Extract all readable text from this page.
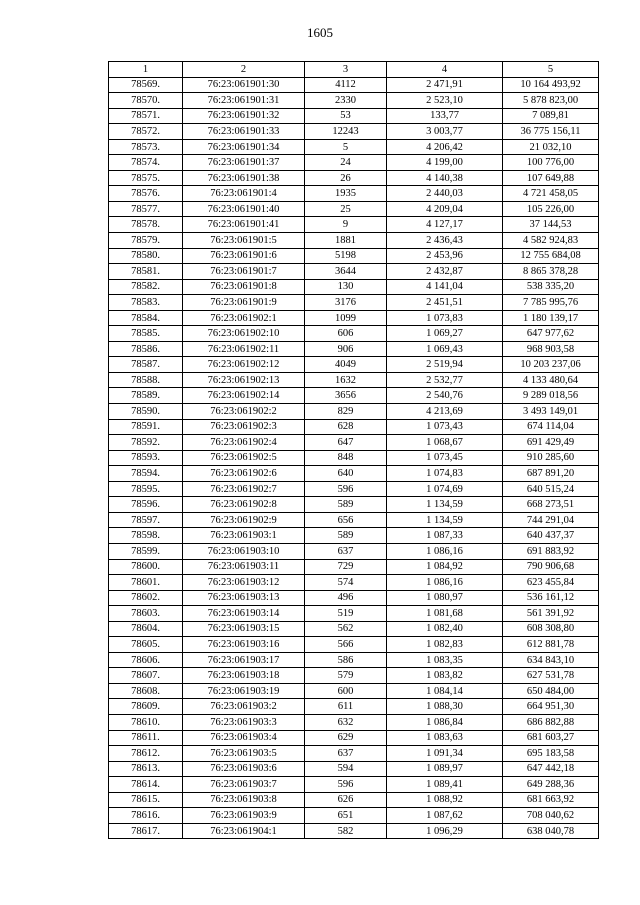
1605
1	2	3	4	5
78569.	76:23:061901:30	4112	2 471,91	10 164 493,92
78570.	76:23:061901:31	2330	2 523,10	5 878 823,00
78571.	76:23:061901:32	53	133,77	7 089,81
78572.	76:23:061901:33	12243	3 003,77	36 775 156,11
78573.	76:23:061901:34	5	4 206,42	21 032,10
78574.	76:23:061901:37	24	4 199,00	100 776,00
78575.	76:23:061901:38	26	4 140,38	107 649,88
78576.	76:23:061901:4	1935	2 440,03	4 721 458,05
78577.	76:23:061901:40	25	4 209,04	105 226,00
78578.	76:23:061901:41	9	4 127,17	37 144,53
78579.	76:23:061901:5	1881	2 436,43	4 582 924,83
78580.	76:23:061901:6	5198	2 453,96	12 755 684,08
78581.	76:23:061901:7	3644	2 432,87	8 865 378,28
78582.	76:23:061901:8	130	4 141,04	538 335,20
78583.	76:23:061901:9	3176	2 451,51	7 785 995,76
78584.	76:23:061902:1	1099	1 073,83	1 180 139,17
78585.	76:23:061902:10	606	1 069,27	647 977,62
78586.	76:23:061902:11	906	1 069,43	968 903,58
78587.	76:23:061902:12	4049	2 519,94	10 203 237,06
78588.	76:23:061902:13	1632	2 532,77	4 133 480,64
78589.	76:23:061902:14	3656	2 540,76	9 289 018,56
78590.	76:23:061902:2	829	4 213,69	3 493 149,01
78591.	76:23:061902:3	628	1 073,43	674 114,04
78592.	76:23:061902:4	647	1 068,67	691 429,49
78593.	76:23:061902:5	848	1 073,45	910 285,60
78594.	76:23:061902:6	640	1 074,83	687 891,20
78595.	76:23:061902:7	596	1 074,69	640 515,24
78596.	76:23:061902:8	589	1 134,59	668 273,51
78597.	76:23:061902:9	656	1 134,59	744 291,04
78598.	76:23:061903:1	589	1 087,33	640 437,37
78599.	76:23:061903:10	637	1 086,16	691 883,92
78600.	76:23:061903:11	729	1 084,92	790 906,68
78601.	76:23:061903:12	574	1 086,16	623 455,84
78602.	76:23:061903:13	496	1 080,97	536 161,12
78603.	76:23:061903:14	519	1 081,68	561 391,92
78604.	76:23:061903:15	562	1 082,40	608 308,80
78605.	76:23:061903:16	566	1 082,83	612 881,78
78606.	76:23:061903:17	586	1 083,35	634 843,10
78607.	76:23:061903:18	579	1 083,82	627 531,78
78608.	76:23:061903:19	600	1 084,14	650 484,00
78609.	76:23:061903:2	611	1 088,30	664 951,30
78610.	76:23:061903:3	632	1 086,84	686 882,88
78611.	76:23:061903:4	629	1 083,63	681 603,27
78612.	76:23:061903:5	637	1 091,34	695 183,58
78613.	76:23:061903:6	594	1 089,97	647 442,18
78614.	76:23:061903:7	596	1 089,41	649 288,36
78615.	76:23:061903:8	626	1 088,92	681 663,92
78616.	76:23:061903:9	651	1 087,62	708 040,62
78617.	76:23:061904:1	582	1 096,29	638 040,78
